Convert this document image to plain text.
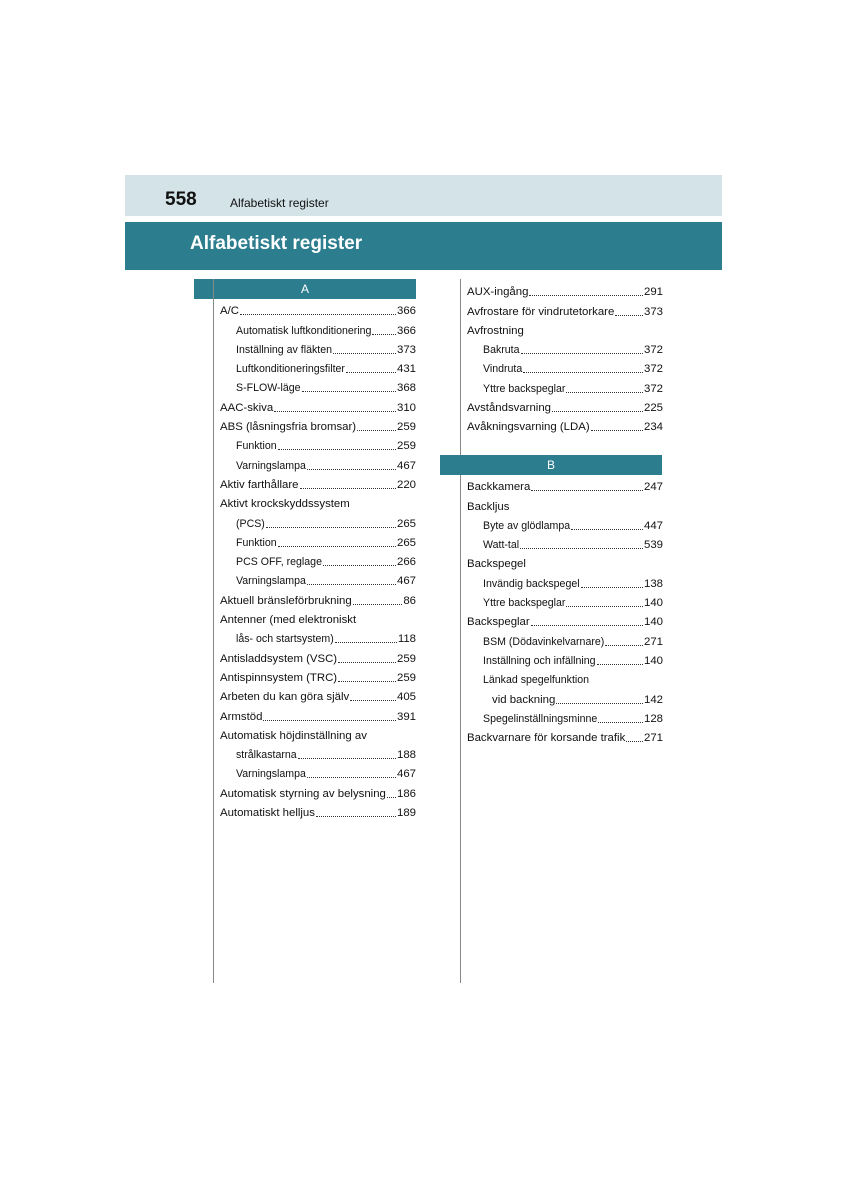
558	Alfabetiskt register
Alfabetiskt register
A
A/C	366
Automatisk luftkonditionering 366
Inställning av fläkten	373
Luftkonditioneringsfilter	431
S-FLOW-läge	368
AAC-skiva	310
ABS (låsningsfria bromsar)	259
Funktion	259
Varningslampa	467
Aktiv farthållare	220
Aktivt krockskyddssystem
(PCS)	265
Funktion	265
PCS OFF, reglage	266
Varningslampa	467
Aktuell bränsleförbrukning	86
Antenner (med elektroniskt
lås- och startsystem)	118
Antisladdsystem (VSC)	259
Antispinnsystem (TRC)	259
Arbeten du kan göra själv	405
Armstöd	391
Automatisk höjdinställning av
strålkastarna	188
Varningslampa	467
Automatisk styrning av belysning 186
Automatiskt helljus	189
AUX-ingång	291
Avfrostare för vindrutetorkare	373
Avfrostning
Bakruta	372
Vindruta	372
Yttre backspeglar	372
Avståndsvarning	225
Avåkningsvarning (LDA)	234
B
Backkamera	247
Backljus
Byte av glödlampa	447
Watt-tal	539
Backspegel
Invändig backspegel	138
Yttre backspeglar	140
Backspeglar	140
BSM (Dödavinkelvarnare)	271
Inställning och infällning	140
Länkad spegelfunktion
vid backning	142
Spegelinställningsminne	128
Backvarnare för korsande trafik 271
